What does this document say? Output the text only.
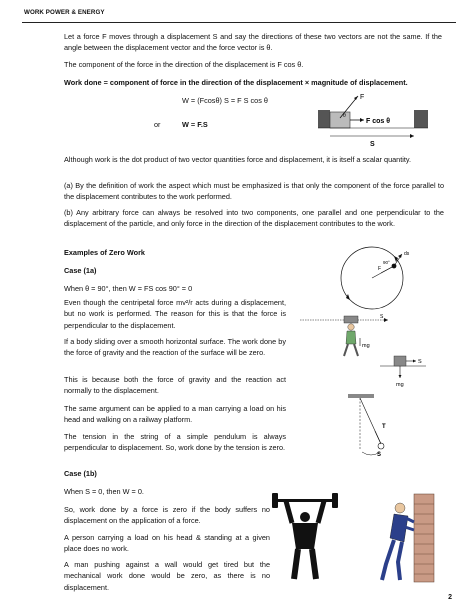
WORK POWER & ENERGY
Let a force F moves through a displacement S and say the directions of these two vectors are not the same. If the angle between the displacement vector and the force vector is θ.
The component of the force in the direction of the displacement is F cos θ.
Work done = component of force in the direction of the displacement × magnitude of displacement.
W = (Fcosθ) S = F S cos θ
or	W = F.S
F
θ
F cos θ
S
Although work is the dot product of two vector quantities force and displacement, it is itself a scalar quantity.
(a) By the definition of work the aspect which must be emphasized is that only the component of the force parallel to the displacement contributes to the work performed.
(b) Any arbitrary force can always be resolved into two components, one parallel and one perpendicular to the displacement of the particle, and only force in the direction of the displacement contributes to the work.
Examples of Zero Work
Case (1a)
When θ = 90°, then W = FS cos 90° = 0
Even though the centripetal force mv²/r acts during a displacement, but no work is performed. The reason for this is that the force is perpendicular to the displacement.
If a body sliding over a smooth horizontal surface. The work done by the force of gravity and the reaction of the surface will be zero.
This is because both the force of gravity and the reaction act normally to the displacement.
The same argument can be applied to a man carrying a load on his head and walking on a railway platform.
The tension in the string of a simple pendulum is always perpendicular to displacement. So, work done by the tension is zero.
Case (1b)
When S = 0, then W = 0.
So, work done by a force is zero if the body suffers no displacement on the application of a force.
A person carrying a load on his head & standing at a given place does no work.
A man pushing against a wall would get tired but the mechanical work done would be zero, as there is no displacement.
ds
90°
F
S
mg
S
mg
T
S
2
